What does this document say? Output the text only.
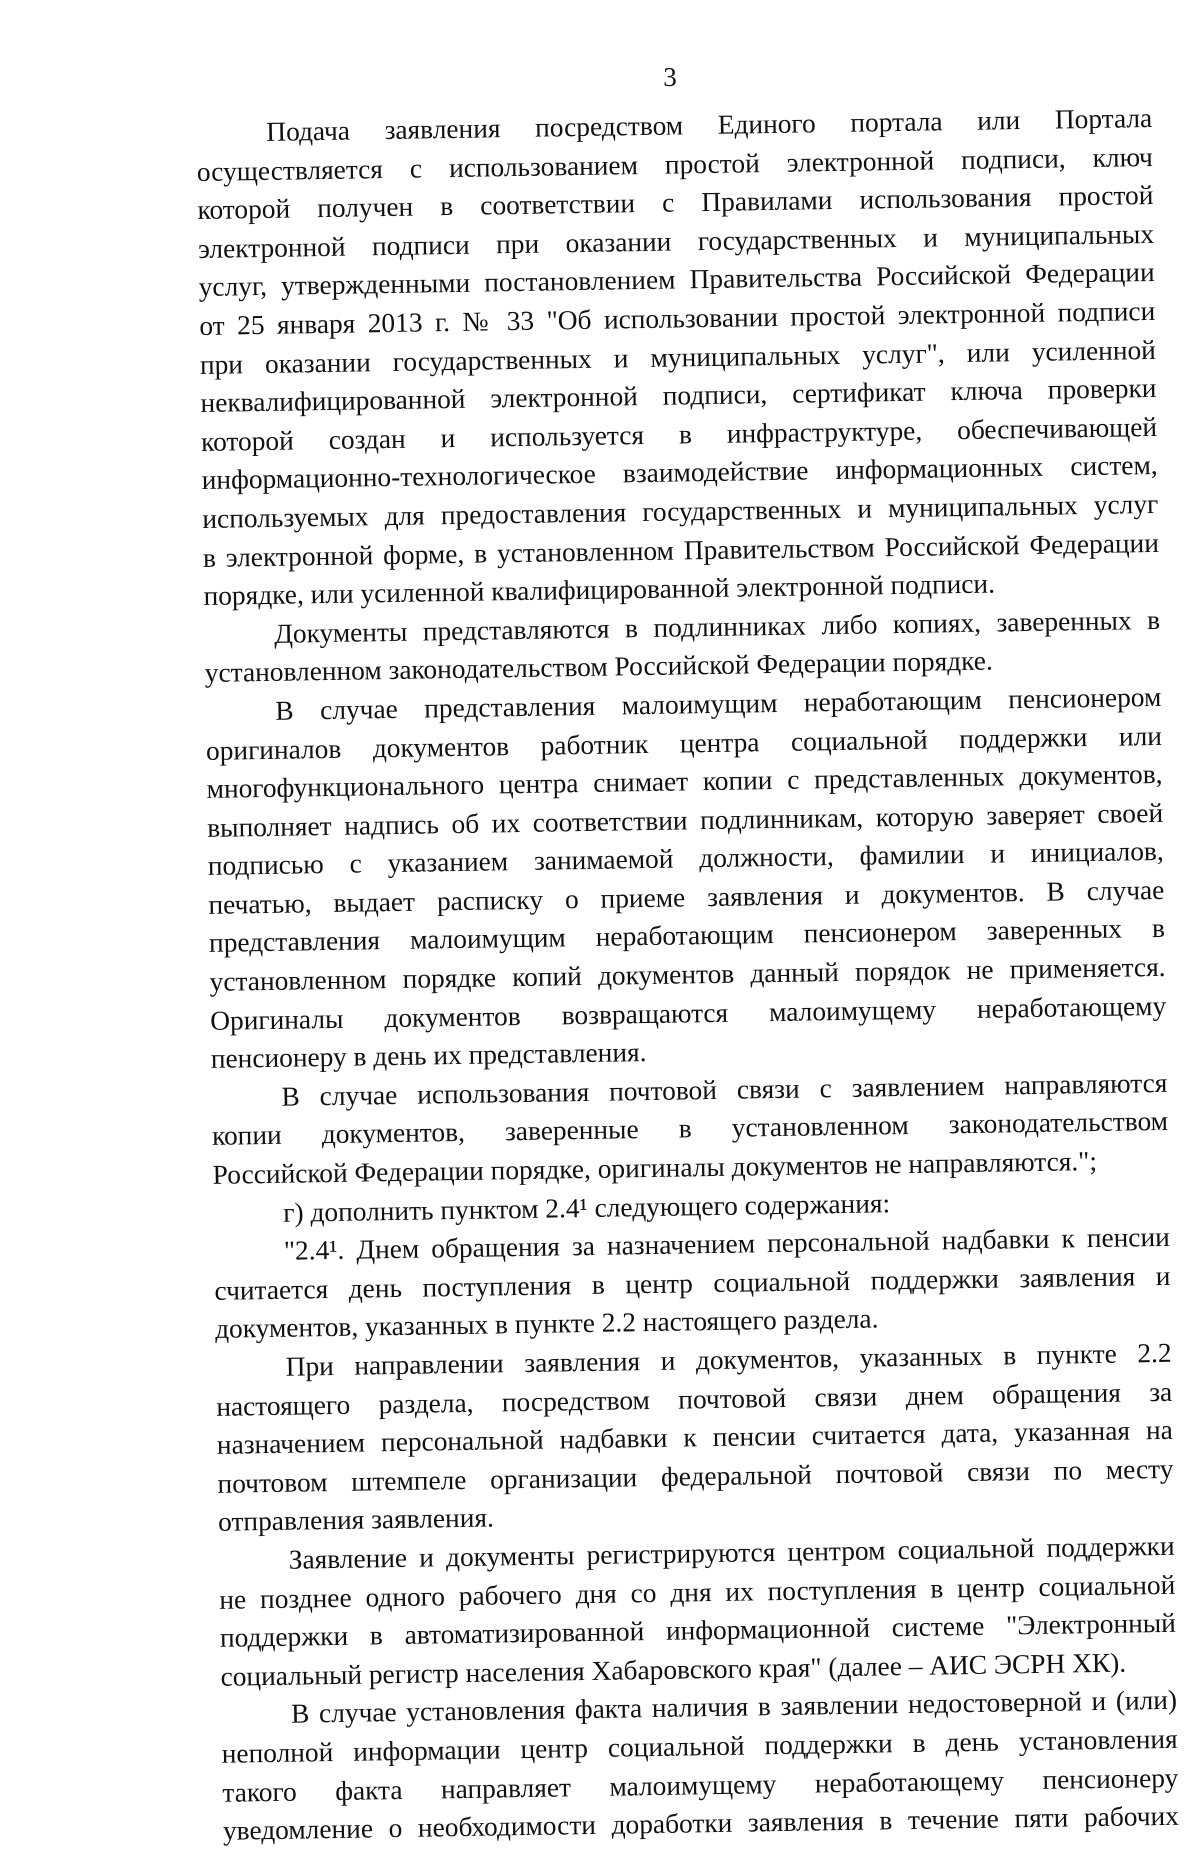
3
Подача заявления посредством Единого портала или Портала
осуществляется с использованием простой электронной подписи, ключ
которой получен в соответствии с Правилами использования простой
электронной подписи при оказании государственных и муниципальных
услуг, утвержденными постановлением Правительства Российской Федерации
от 25 января 2013 г. № 33 "Об использовании простой электронной подписи
при оказании государственных и муниципальных услуг", или усиленной
неквалифицированной электронной подписи, сертификат ключа проверки
которой создан и используется в инфраструктуре, обеспечивающей
информационно-технологическое взаимодействие информационных систем,
используемых для предоставления государственных и муниципальных услуг
в электронной форме, в установленном Правительством Российской Федерации
порядке, или усиленной квалифицированной электронной подписи.
Документы представляются в подлинниках либо копиях, заверенных в
установленном законодательством Российской Федерации порядке.
В случае представления малоимущим неработающим пенсионером
оригиналов документов работник центра социальной поддержки или
многофункционального центра снимает копии с представленных документов,
выполняет надпись об их соответствии подлинникам, которую заверяет своей
подписью с указанием занимаемой должности, фамилии и инициалов,
печатью, выдает расписку о приеме заявления и документов. В случае
представления малоимущим неработающим пенсионером заверенных в
установленном порядке копий документов данный порядок не применяется.
Оригиналы документов возвращаются малоимущему неработающему
пенсионеру в день их представления.
В случае использования почтовой связи с заявлением направляются
копии документов, заверенные в установленном законодательством
Российской Федерации порядке, оригиналы документов не направляются.";
г) дополнить пунктом 2.4¹ следующего содержания:
"2.4¹. Днем обращения за назначением персональной надбавки к пенсии
считается день поступления в центр социальной поддержки заявления и
документов, указанных в пункте 2.2 настоящего раздела.
При направлении заявления и документов, указанных в пункте 2.2
настоящего раздела, посредством почтовой связи днем обращения за
назначением персональной надбавки к пенсии считается дата, указанная на
почтовом штемпеле организации федеральной почтовой связи по месту
отправления заявления.
Заявление и документы регистрируются центром социальной поддержки
не позднее одного рабочего дня со дня их поступления в центр социальной
поддержки в автоматизированной информационной системе "Электронный
социальный регистр населения Хабаровского края" (далее – АИС ЭСРН ХК).
В случае установления факта наличия в заявлении недостоверной и (или)
неполной информации центр социальной поддержки в день установления
такого факта направляет малоимущему неработающему пенсионеру
уведомление о необходимости доработки заявления в течение пяти рабочих
